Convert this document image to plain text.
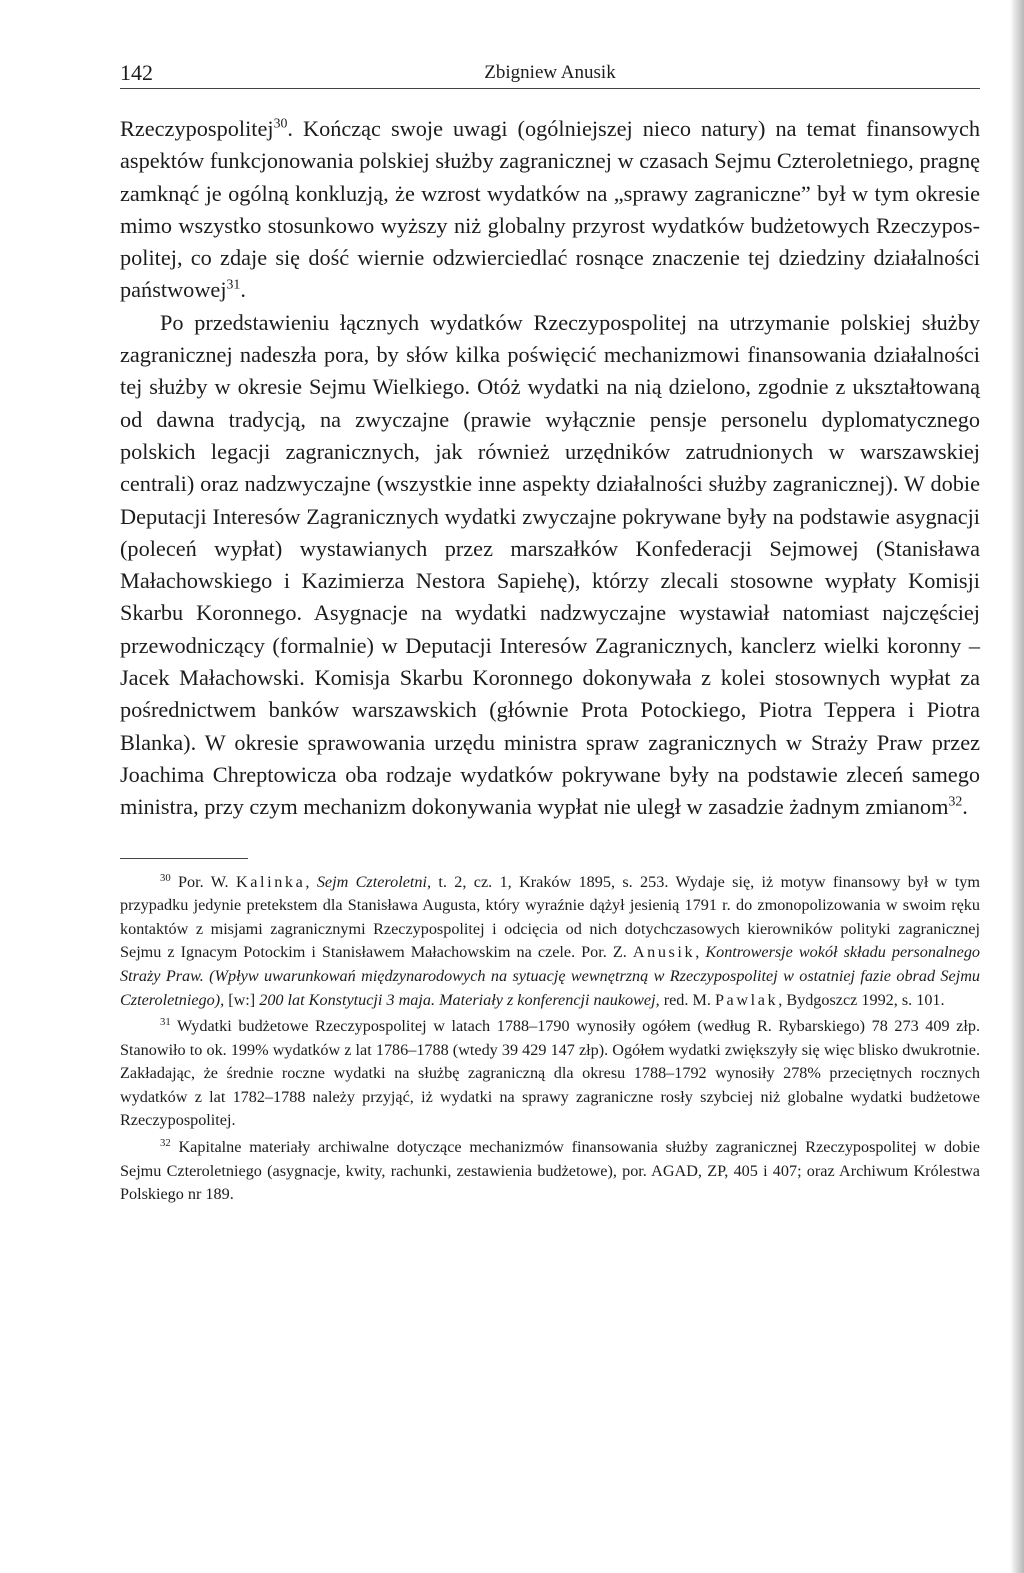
142	Zbigniew Anusik

Rzeczypospolitej$^{30}$. Kończąc swoje uwagi (ogólniejszej nieco natury) na temat finansowych aspektów funkcjonowania polskiej służby zagranicznej w czasach Sejmu Czteroletniego, pragnę zamknąć je ogólną konkluzją, że wzrost wydatków na „sprawy zagraniczne” był w tym okresie mimo wszystko stosunkowo wyższy niż globalny przyrost wydatków budżetowych Rzeczypospolitej, co zdaje się dość wiernie odzwierciedlać rosnące znaczenie tej dziedziny działalności państwowej$^{31}$.

Po przedstawieniu łącznych wydatków Rzeczypospolitej na utrzymanie polskiej służby zagranicznej nadeszła pora, by słów kilka poświęcić mechanizmowi finansowania działalności tej służby w okresie Sejmu Wielkiego. Otóż wydatki na nią dzielono, zgodnie z ukształtowaną od dawna tradycją, na zwyczajne (prawie wyłącznie pensje personelu dyplomatycznego polskich legacji zagranicznych, jak również urzędników zatrudnionych w warszawskiej centrali) oraz nadzwyczajne (wszystkie inne aspekty działalności służby zagranicznej). W dobie Deputacji Interesów Zagranicznych wydatki zwyczajne pokrywane były na podstawie asygnacji (poleceń wypłat) wystawianych przez marszałków Konfederacji Sejmowej (Stanisława Małachowskiego i Kazimierza Nestora Sapiehę), którzy zlecali stosowne wypłaty Komisji Skarbu Koronnego. Asygnacje na wydatki nadzwyczajne wystawiał natomiast najczęściej przewodniczący (formalnie) w Deputacji Interesów Zagranicznych, kanclerz wielki koronny – Jacek Małachowski. Komisja Skarbu Koronnego dokonywała z kolei stosownych wypłat za pośrednictwem banków warszawskich (głównie Prota Potockiego, Piotra Teppera i Piotra Blanka). W okresie sprawowania urzędu ministra spraw zagranicznych w Straży Praw przez Joachima Chreptowicza oba rodzaje wydatków pokrywane były na podstawie zleceń samego ministra, przy czym mechanizm dokonywania wypłat nie uległ w zasadzie żadnym zmianom$^{32}$.

$^{30}$ Por. W. Kalinka, Sejm Czteroletni, t. 2, cz. 1, Kraków 1895, s. 253. Wydaje się, iż motyw finansowy był w tym przypadku jedynie pretekstem dla Stanisława Augusta, który wyraźnie dążył jesienią 1791 r. do zmonopolizowania w swoim ręku kontaktów z misjami zagranicznymi Rzeczypospolitej i odcięcia od nich dotychczasowych kierowników polityki zagranicznej Sejmu z Ignacym Potockim i Stanisławem Małachowskim na czele. Por. Z. Anusik, Kontrowersje wokół składu personalnego Straży Praw. (Wpływ uwarunkowań międzynarodowych na sytuację wewnętrzną w Rzeczypospolitej w ostatniej fazie obrad Sejmu Czteroletniego), [w:] 200 lat Konstytucji 3 maja. Materiały z konferencji naukowej, red. M. Pawlak, Bydgoszcz 1992, s. 101.

$^{31}$ Wydatki budżetowe Rzeczypospolitej w latach 1788–1790 wynosiły ogółem (według R. Rybarskiego) 78 273 409 złp. Stanowiło to ok. 199% wydatków z lat 1786–1788 (wtedy 39 429 147 złp). Ogółem wydatki zwiększyły się więc blisko dwukrotnie. Zakładając, że średnie roczne wydatki na służbę zagraniczną dla okresu 1788–1792 wynosiły 278% przeciętnych rocznych wydatków z lat 1782–1788 należy przyjąć, iż wydatki na sprawy zagraniczne rosły szybciej niż globalne wydatki budżetowe Rzeczypospolitej.

$^{32}$ Kapitalne materiały archiwalne dotyczące mechanizmów finansowania służby zagranicznej Rzeczypospolitej w dobie Sejmu Czteroletniego (asygnacje, kwity, rachunki, zestawienia budżetowe), por. AGAD, ZP, 405 i 407; oraz Archiwum Królestwa Polskiego nr 189.
